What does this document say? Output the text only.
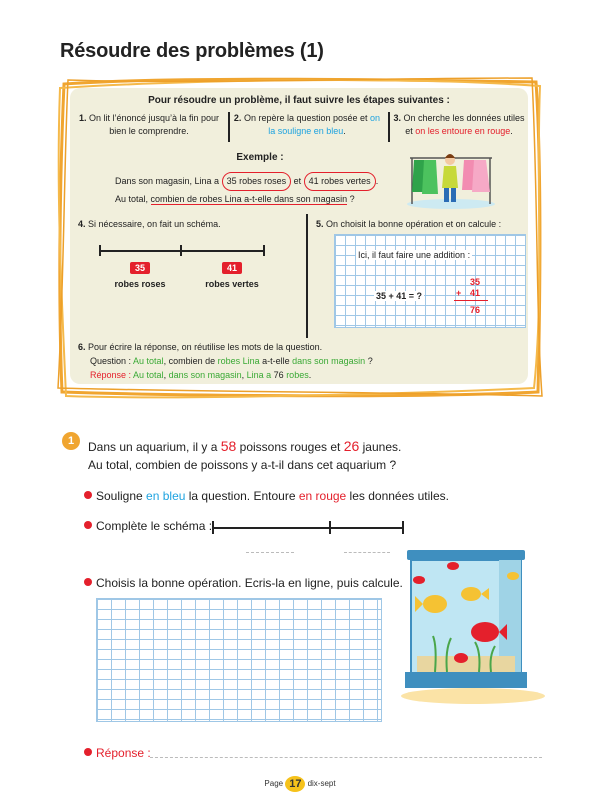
Résoudre des problèmes (1)
Pour résoudre un problème, il faut suivre les étapes suivantes :
1. On lit l’énoncé jusqu’à la fin pour bien le comprendre.
2. On repère la question posée et on la souligne en bleu.
3. On cherche les données utiles et on les entoure en rouge.
Exemple :
Dans son magasin, Lina a 35 robes roses et 41 robes vertes .
Au total, combien de robes Lina a-t-elle dans son magasin ?
4. Si nécessaire, on fait un schéma.
35	41
robes roses	robes vertes
5. On choisit la bonne opération et on calcule :
Ici, il faut faire une addition :
35 + 41 = ?
35
+ 41
76
6. Pour écrire la réponse, on réutilise les mots de la question.
Question : Au total, combien de robes Lina a-t-elle dans son magasin ?
Réponse : Au total, dans son magasin, Lina a 76 robes.
1	Dans un aquarium, il y a 58 poissons rouges et 26 jaunes.
Au total, combien de poissons y a-t-il dans cet aquarium ?
Souligne en bleu la question. Entoure en rouge les données utiles.
Complète le schéma :
Choisis la bonne opération. Ecris-la en ligne, puis calcule.
Réponse :
Page 17 dix-sept
